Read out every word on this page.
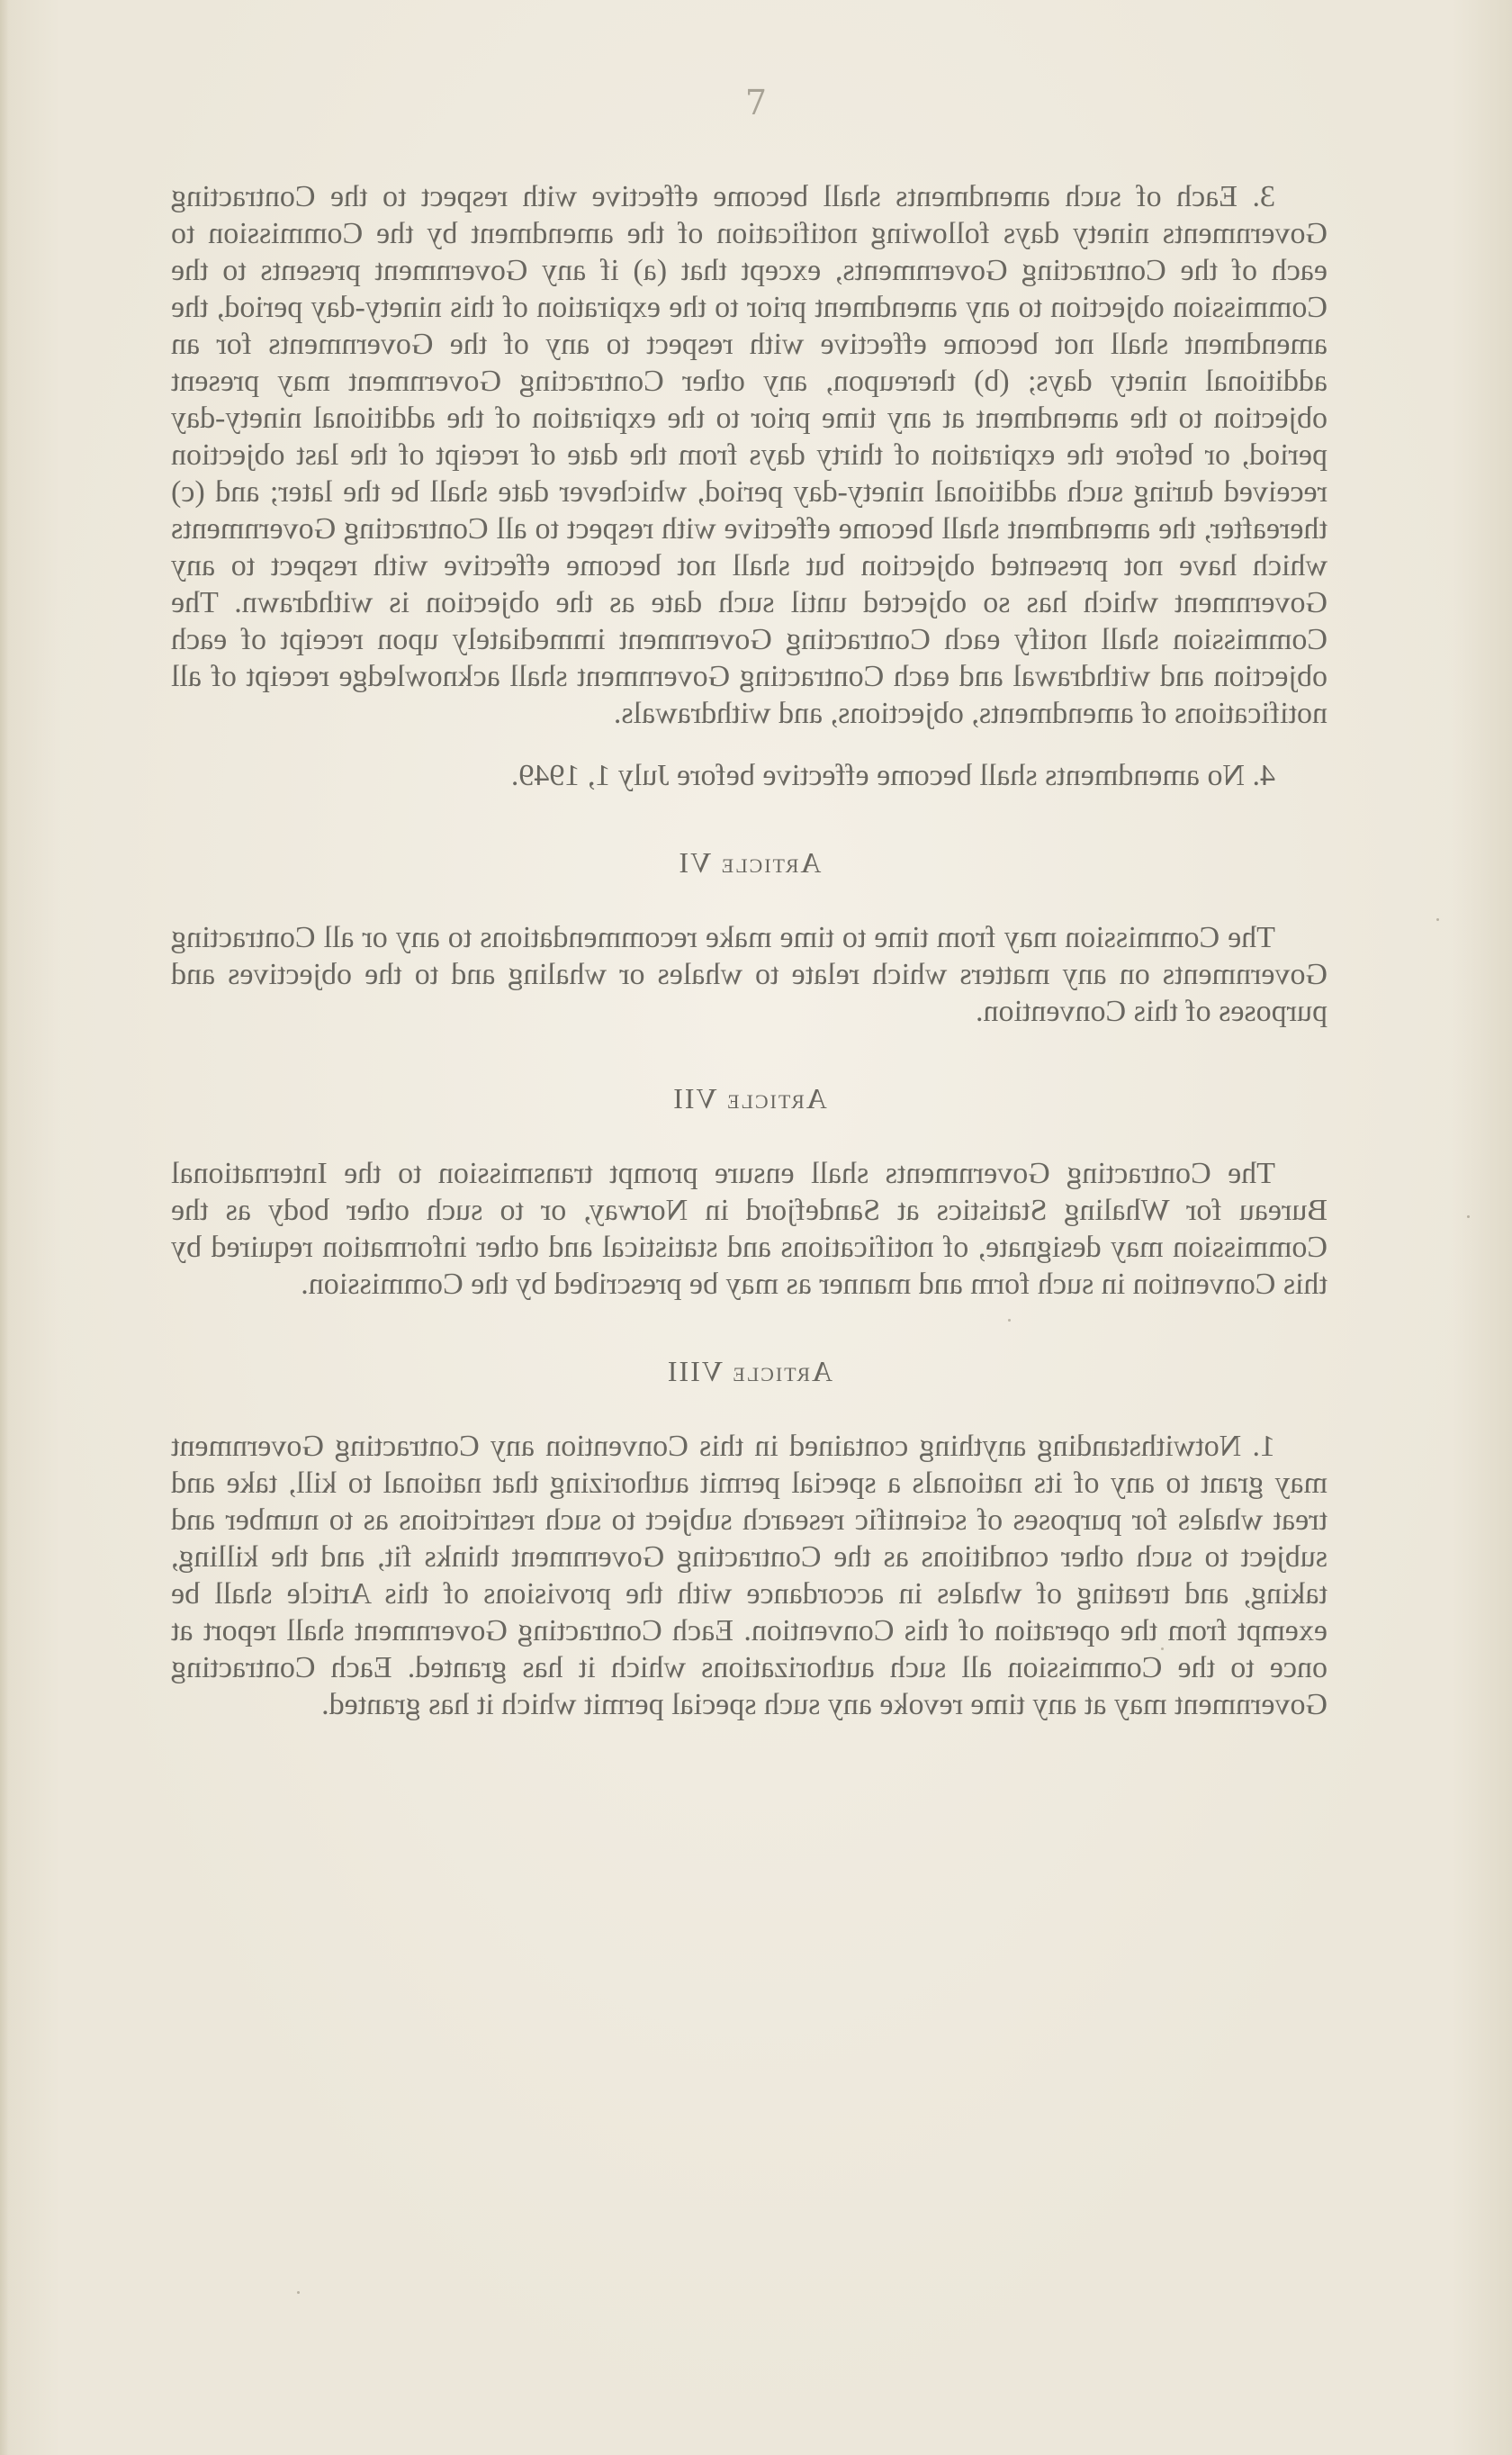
7

3. Each of such amendments shall become effective with respect to the Contracting Governments ninety days following notification of the amendment by the Commission to each of the Contracting Governments, except that (a) if any Government presents to the Commission objection to any amendment prior to the expiration of this ninety-day period, the amendment shall not become effective with respect to any of the Governments for an additional ninety days; (b) thereupon, any other Contracting Government may present objection to the amendment at any time prior to the expiration of the additional ninety-day period, or before the expiration of thirty days from the date of receipt of the last objection received during such additional ninety-day period, whichever date shall be the later; and (c) thereafter, the amendment shall become effective with respect to all Contracting Governments which have not presented objection but shall not become effective with respect to any Government which has so objected until such date as the objection is withdrawn. The Commission shall notify each Contracting Government immediately upon receipt of each objection and withdrawal and each Contracting Government shall acknowledge receipt of all notifications of amendments, objections, and withdrawals.

4. No amendments shall become effective before July 1, 1949.

Article VI

The Commission may from time to time make recommendations to any or all Contracting Governments on any matters which relate to whales or whaling and to the objectives and purposes of this Convention.

Article VII

The Contracting Governments shall ensure prompt transmission to the International Bureau for Whaling Statistics at Sandefjord in Norway, or to such other body as the Commission may designate, of notifications and statistical and other information required by this Convention in such form and manner as may be prescribed by the Commission.

Article VIII

1. Notwithstanding anything contained in this Convention any Contracting Government may grant to any of its nationals a special permit authorizing that national to kill, take and treat whales for purposes of scientific research subject to such restrictions as to number and subject to such other conditions as the Contracting Government thinks fit, and the killing, taking, and treating of whales in accordance with the provisions of this Article shall be exempt from the operation of this Convention. Each Contracting Government shall report at once to the Commission all such authorizations which it has granted. Each Contracting Government may at any time revoke any such special permit which it has granted.
